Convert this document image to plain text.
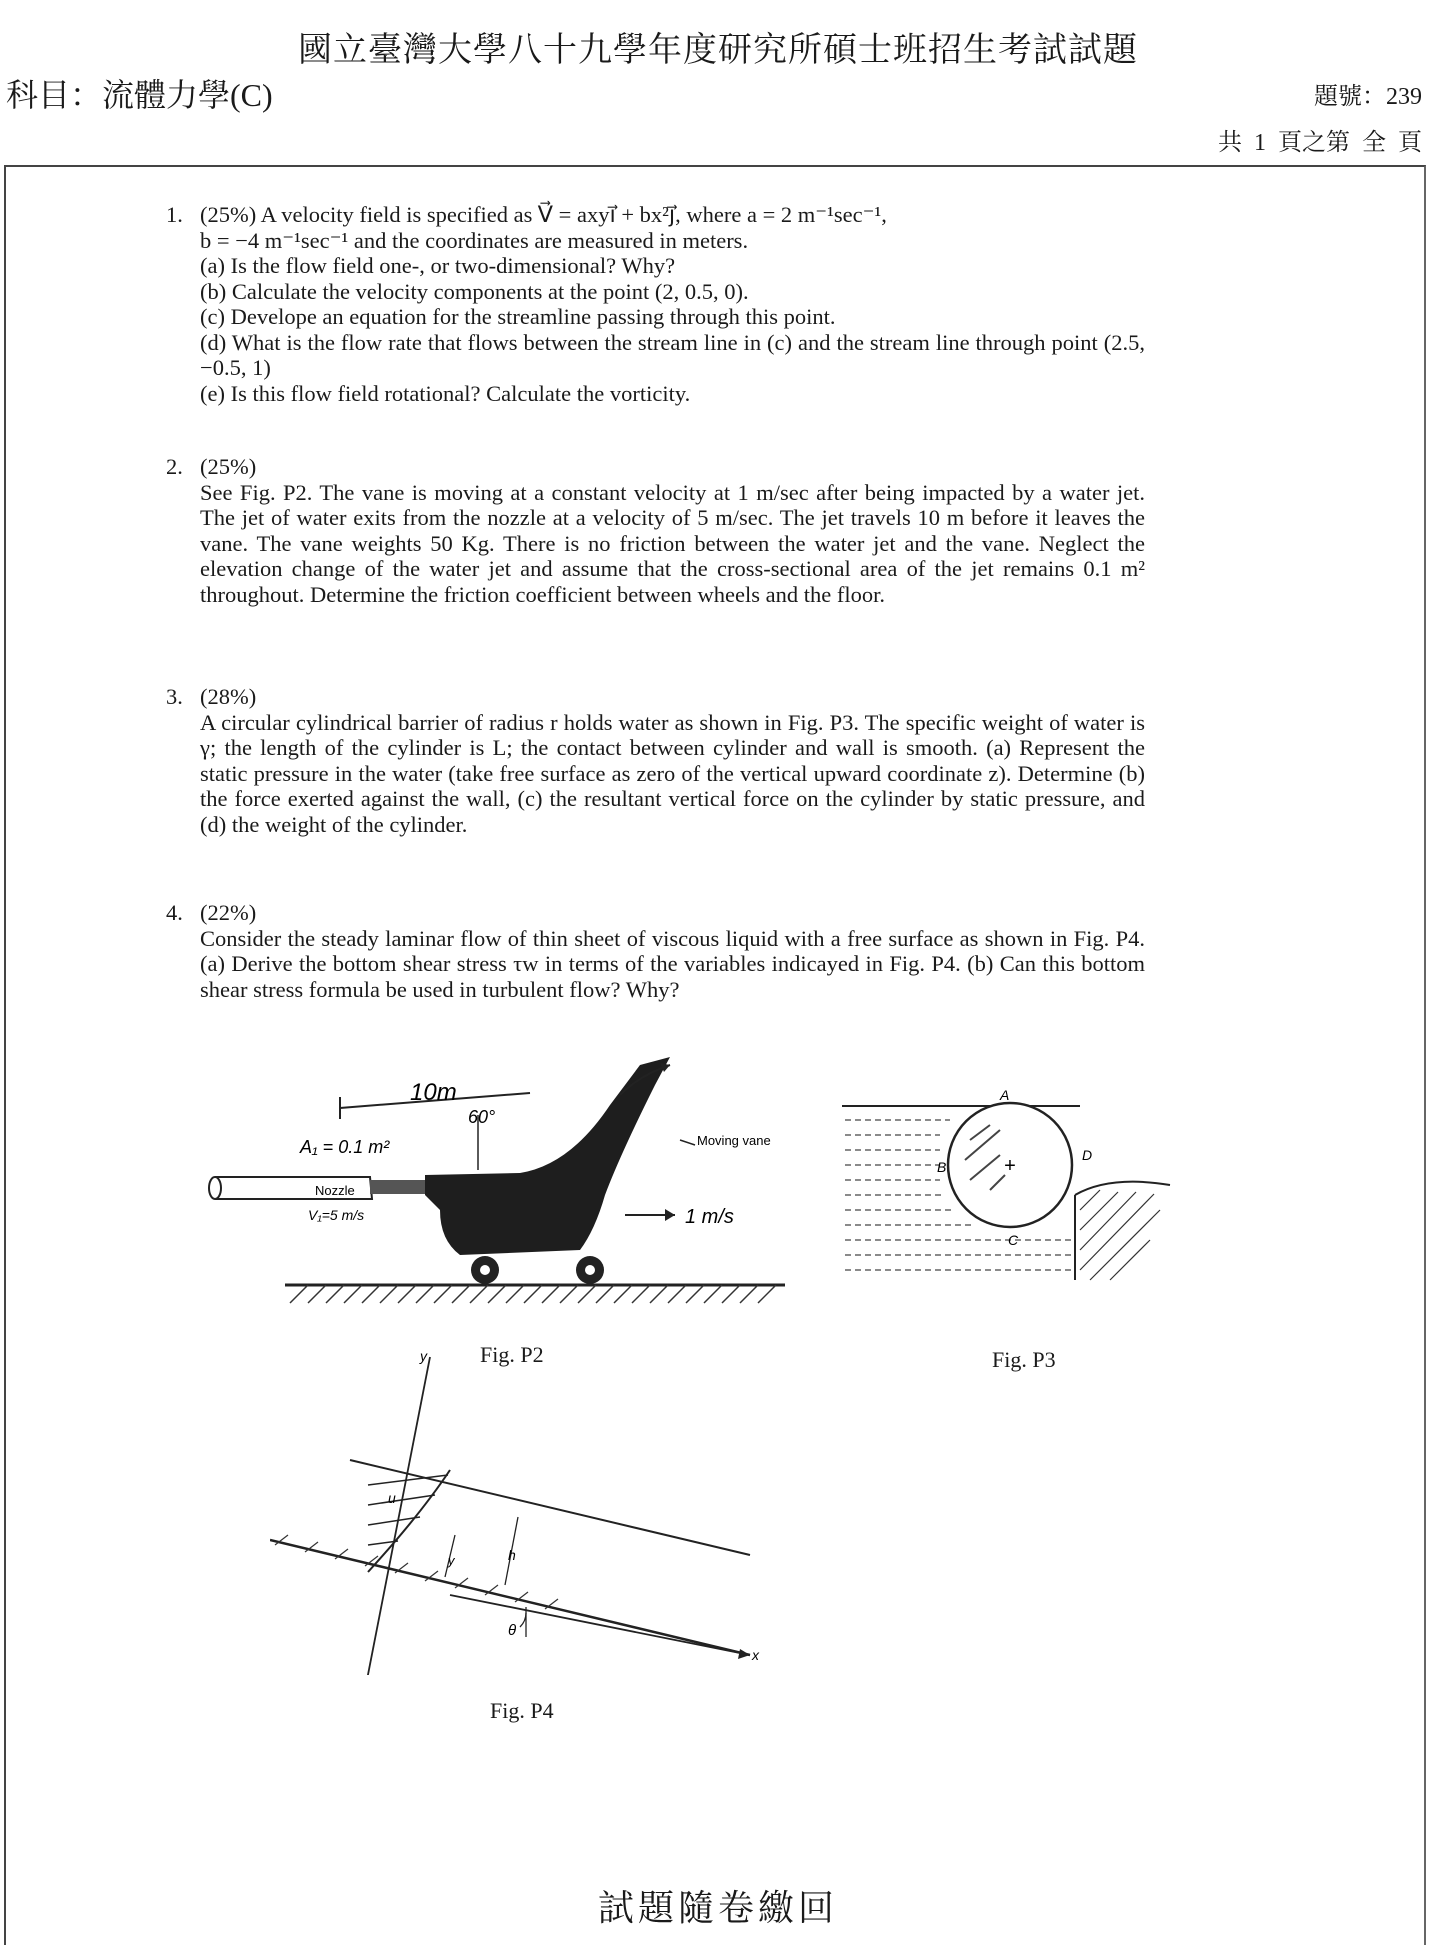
國立臺灣大學八十九學年度研究所碩士班招生考試試題
科目：流體力學(C)	題號：239
共 1 頁之第 全 頁
1. (25%) A velocity field is specified as V⃗ = axyi⃗ + bx²j⃗, where a = 2 m⁻¹sec⁻¹,

b = −4 m⁻¹sec⁻¹ and the coordinates are measured in meters.

(a) Is the flow field one-, or two-dimensional? Why?

(b) Calculate the velocity components at the point (2, 0.5, 0).

(c) Develope an equation for the streamline passing through this point.

(d) What is the flow rate that flows between the stream line in (c) and the stream line through point (2.5, −0.5, 1)

(e) Is this flow field rotational? Calculate the vorticity.

2. (25%)

See Fig. P2. The vane is moving at a constant velocity at 1 m/sec after being impacted by a water jet. The jet of water exits from the nozzle at a velocity of 5 m/sec. The jet travels 10 m before it leaves the vane. The vane weights 50 Kg. There is no friction between the water jet and the vane. Neglect the elevation change of the water jet and assume that the cross-sectional area of the jet remains 0.1 m² throughout. Determine the friction coefficient between wheels and the floor.

3. (28%)

A circular cylindrical barrier of radius r holds water as shown in Fig. P3. The specific weight of water is γ; the length of the cylinder is L; the contact between cylinder and wall is smooth. (a) Represent the static pressure in the water (take free surface as zero of the vertical upward coordinate z). Determine (b) the force exerted against the wall, (c) the resultant vertical force on the cylinder by static pressure, and (d) the weight of the cylinder.

4. (22%)

Consider the steady laminar flow of thin sheet of viscous liquid with a free surface as shown in Fig. P4. (a) Derive the bottom shear stress τw in terms of the variables indicayed in Fig. P4. (b) Can this bottom shear stress formula be used in turbulent flow? Why?

Nozzle
10m
60°
A₁ = 0.1 m²
V₁=5 m/s
Moving vane
1 m/s
Fig. P2
+
A
B
C
D
Fig. P3
y
x
u
h
y
θ
Fig. P4
試題隨卷繳回
